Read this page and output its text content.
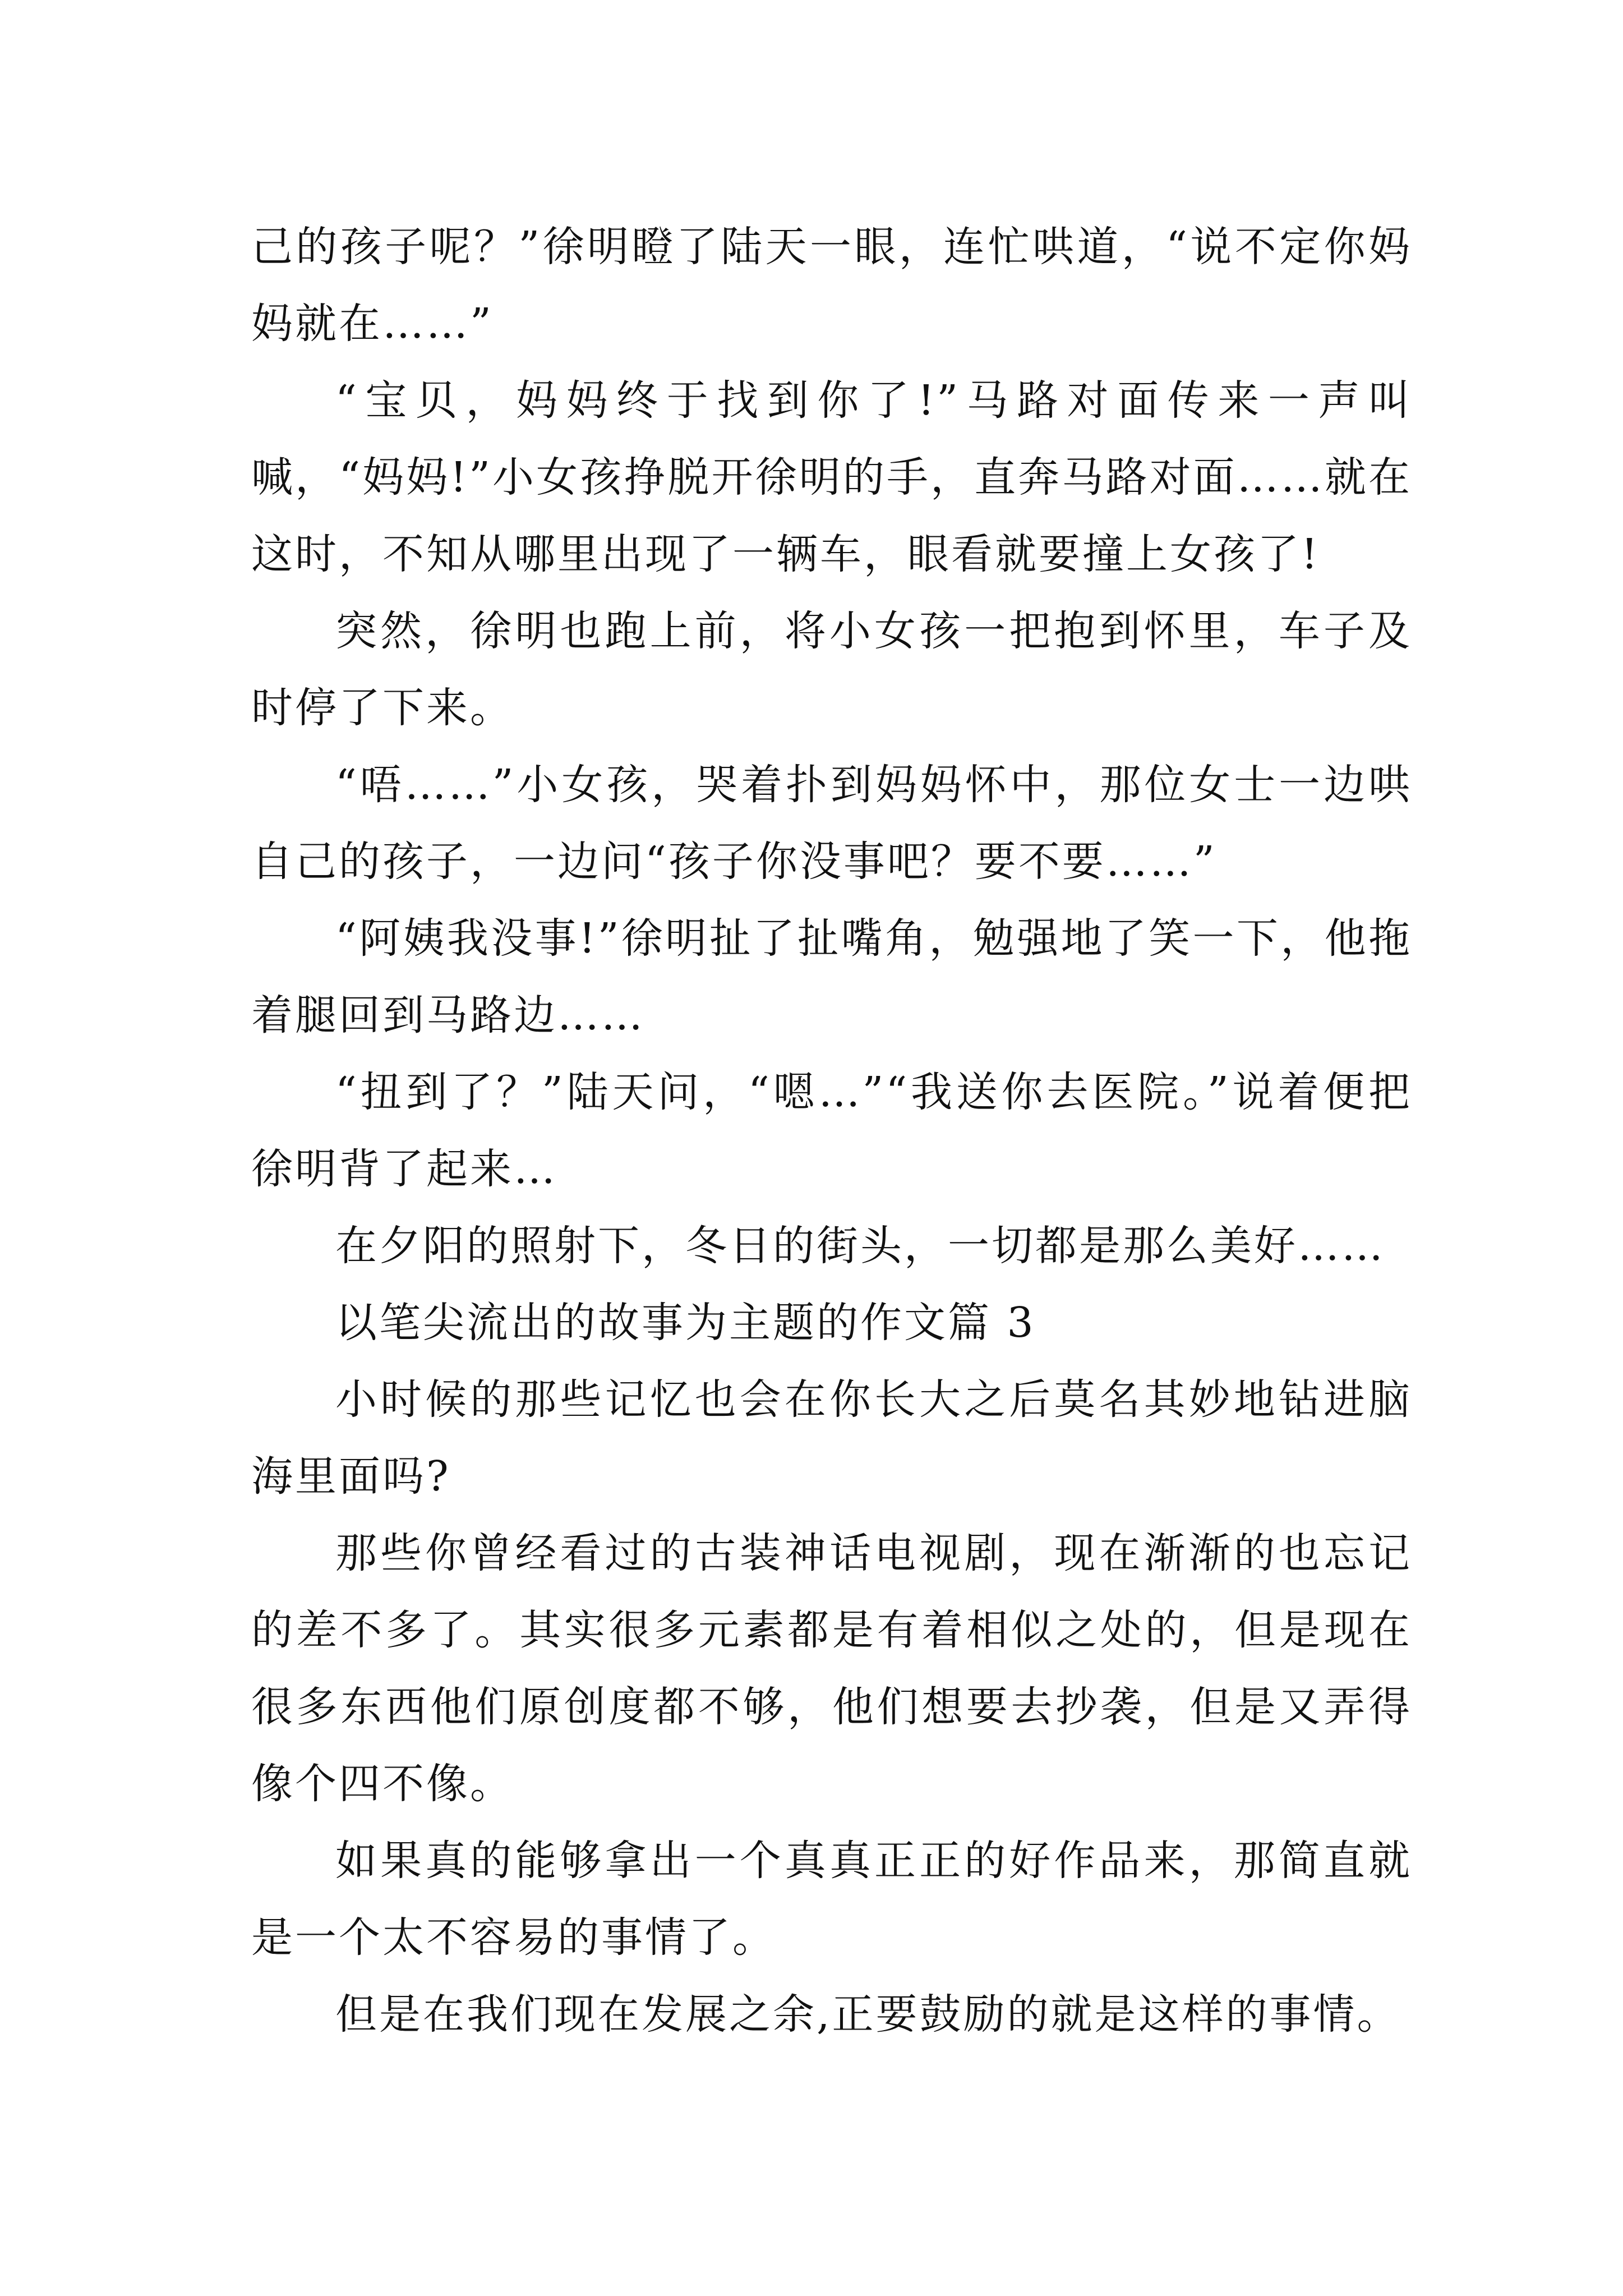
己的孩子呢？”徐明瞪了陆天一眼，连忙哄道，“说不定你妈妈就在……”

“宝贝，妈妈终于找到你了!”马路对面传来一声叫喊，“妈妈!”小女孩挣脱开徐明的手，直奔马路对面……就在这时，不知从哪里出现了一辆车，眼看就要撞上女孩了!

突然，徐明也跑上前，将小女孩一把抱到怀里，车子及时停了下来。

“唔……”小女孩，哭着扑到妈妈怀中，那位女士一边哄自己的孩子，一边问“孩子你没事吧？要不要……”

“阿姨我没事!”徐明扯了扯嘴角，勉强地了笑一下，他拖着腿回到马路边……

“扭到了？”陆天问，“嗯…”“我送你去医院。”说着便把徐明背了起来…

在夕阳的照射下，冬日的街头，一切都是那么美好……

以笔尖流出的故事为主题的作文篇 3

小时候的那些记忆也会在你长大之后莫名其妙地钻进脑海里面吗?

那些你曾经看过的古装神话电视剧，现在渐渐的也忘记的差不多了。其实很多元素都是有着相似之处的，但是现在很多东西他们原创度都不够，他们想要去抄袭，但是又弄得像个四不像。

如果真的能够拿出一个真真正正的好作品来，那简直就是一个太不容易的事情了。

但是在我们现在发展之余,正要鼓励的就是这样的事情。
